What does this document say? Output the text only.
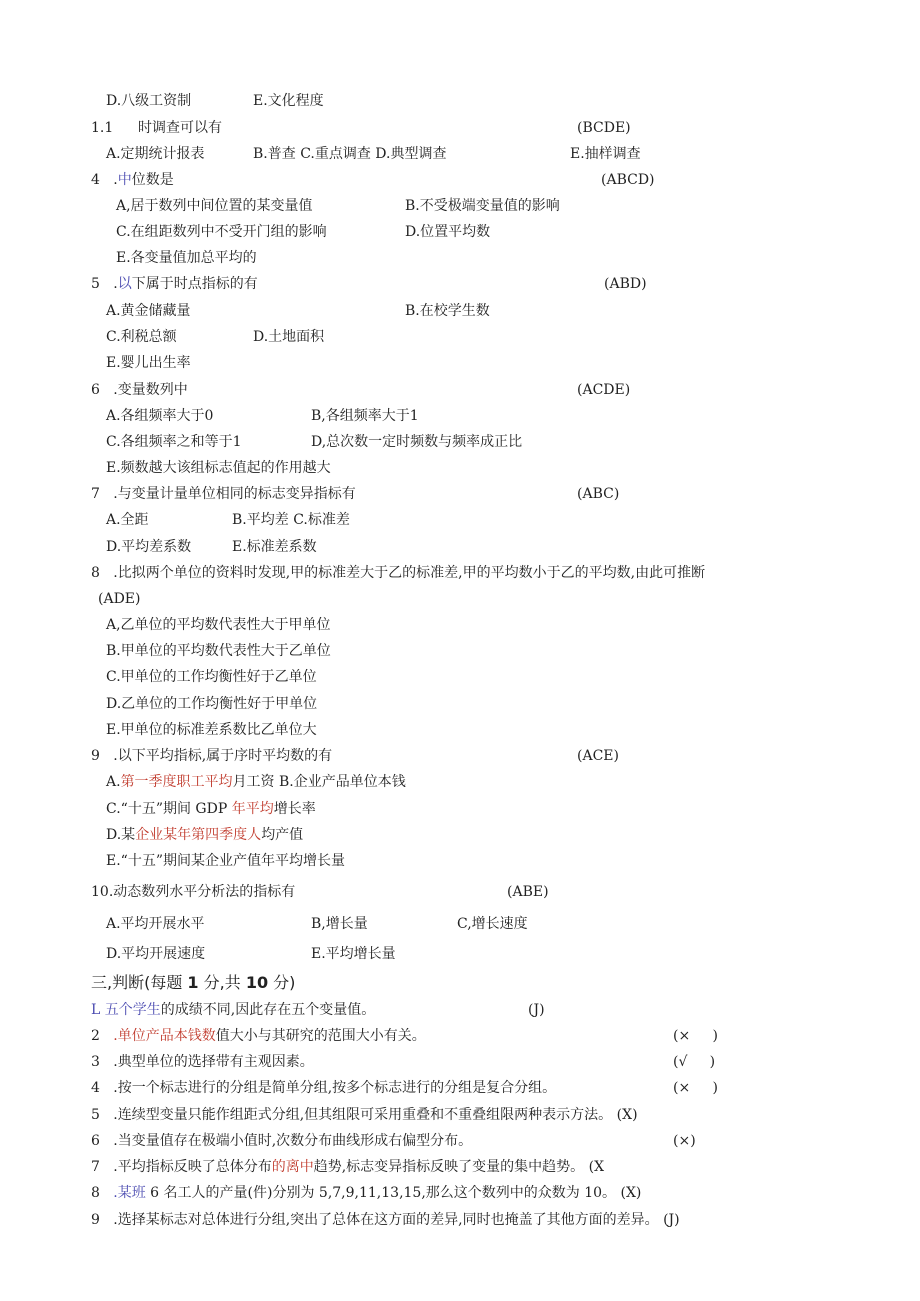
D.八级工资制	E.文化程度
1.1 时调查可以有	(BCDE)
A.定期统计报表	B.普查 C.重点调查 D.典型调查	E.抽样调查
4 .中位数是	(ABCD)
A,居于数列中间位置的某变量值	B.不受极端变量值的影响
C.在组距数列中不受开门组的影响	D.位置平均数
E.各变量值加总平均的
5 .以下属于时点指标的有	(ABD)
A.黄金储藏量	B.在校学生数
C.利税总额	D.土地面积
E.婴儿出生率
6 .变量数列中	(ACDE)
A.各组频率大于0	B,各组频率大于1
C.各组频率之和等于1	D,总次数一定时频数与频率成正比
E.频数越大该组标志值起的作用越大
7 .与变量计量单位相同的标志变异指标有	(ABC)
A.全距	B.平均差 C.标准差
D.平均差系数	E.标准差系数
8 .比拟两个单位的资料时发现,甲的标准差大于乙的标准差,甲的平均数小于乙的平均数,由此可推断
(ADE)
A,乙单位的平均数代表性大于甲单位
B.甲单位的平均数代表性大于乙单位
C.甲单位的工作均衡性好于乙单位
D.乙单位的工作均衡性好于甲单位
E.甲单位的标准差系数比乙单位大
9 .以下平均指标,属于序时平均数的有	(ACE)
A.第一季度职工平均月工资 B.企业产品单位本钱
C.“十五”期间 GDP 年平均增长率
D.某企业某年第四季度人均产值
E.“十五”期间某企业产值年平均增长量
10.动态数列水平分析法的指标有	(ABE)
A.平均开展水平	B,增长量	C,增长速度
D.平均开展速度	E.平均增长量
三,判断(每题 1 分,共 10 分)
L 五个学生的成绩不同,因此存在五个变量值。	(J)
2 .单位产品本钱数值大小与其研究的范围大小有关。	(×     )
3 .典型单位的选择带有主观因素。	(√     )
4 .按一个标志进行的分组是简单分组,按多个标志进行的分组是复合分组。	(×     )
5 .连续型变量只能作组距式分组,但其组限可采用重叠和不重叠组限两种表示方法。 (X)
6 .当变量值存在极端小值时,次数分布曲线形成右偏型分布。	(×)
7 .平均指标反映了总体分布的离中趋势,标志变异指标反映了变量的集中趋势。 (X
8 .某班 6 名工人的产量(件)分别为 5,7,9,11,13,15,那么这个数列中的众数为 10。 (X)
9 .选择某标志对总体进行分组,突出了总体在这方面的差异,同时也掩盖了其他方面的差异。 (J)
